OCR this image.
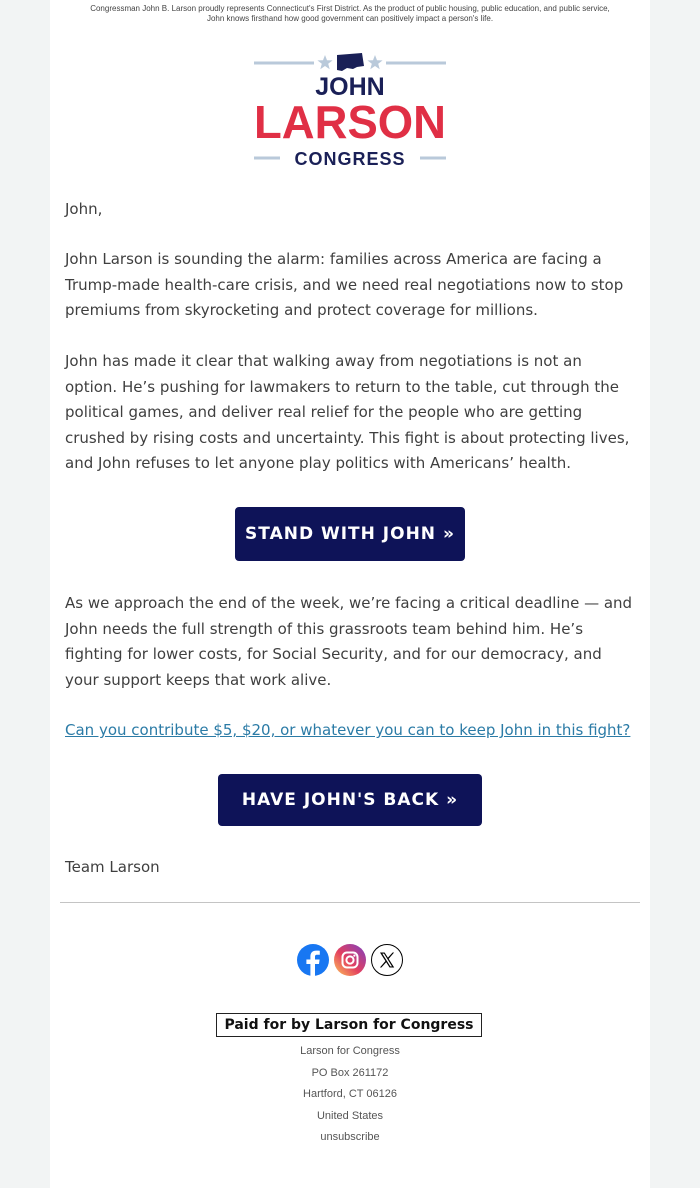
Congressman John B. Larson proudly represents Connecticut's First District. As the product of public housing, public education, and public service, John knows firsthand how good government can positively impact a person's life.
JOHN
LARSON
CONGRESS

John,

John Larson is sounding the alarm: families across America are facing a Trump-made health-care crisis, and we need real negotiations now to stop premiums from skyrocketing and protect coverage for millions.

John has made it clear that walking away from negotiations is not an option. He’s pushing for lawmakers to return to the table, cut through the political games, and deliver real relief for the people who are getting crushed by rising costs and uncertainty. This fight is about protecting lives, and John refuses to let anyone play politics with Americans’ health.

STAND WITH JOHN »

As we approach the end of the week, we’re facing a critical deadline — and John needs the full strength of this grassroots team behind him. He’s fighting for lower costs, for Social Security, and for our democracy, and your support keeps that work alive.

Can you contribute $5, $20, or whatever you can to keep John in this fight?

HAVE JOHN'S BACK »

Team Larson

Paid for by Larson for Congress
Larson for Congress
PO Box 261172
Hartford, CT 06126
United States
unsubscribe
